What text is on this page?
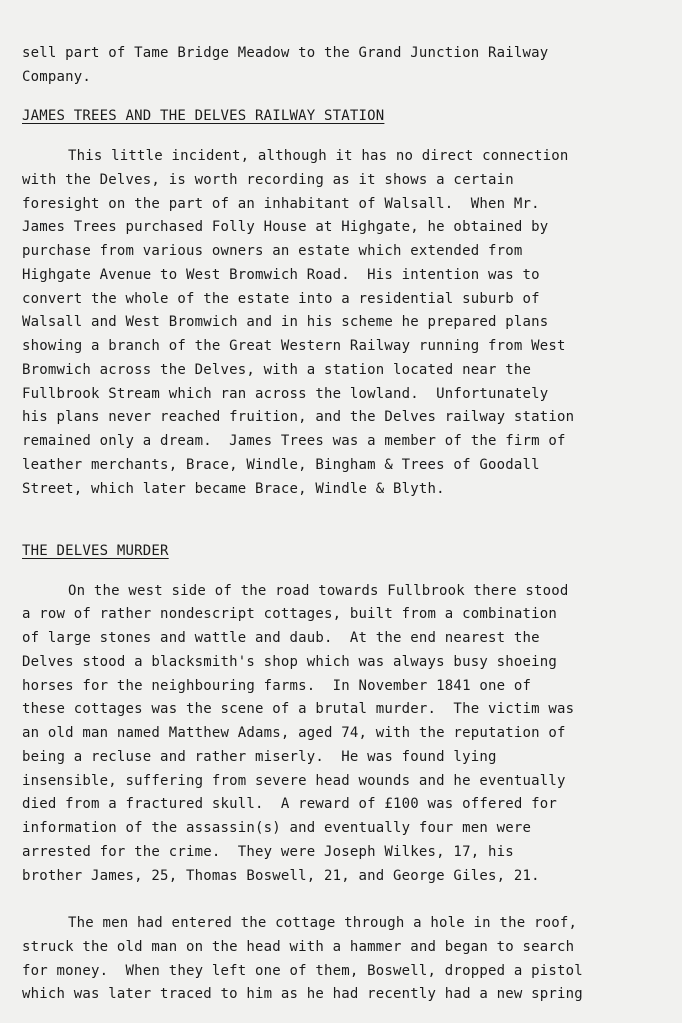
sell part of Tame Bridge Meadow to the Grand Junction Railway
Company.
JAMES TREES AND THE DELVES RAILWAY STATION
This little incident, although it has no direct connection
with the Delves, is worth recording as it shows a certain
foresight on the part of an inhabitant of Walsall.  When Mr.
James Trees purchased Folly House at Highgate, he obtained by
purchase from various owners an estate which extended from
Highgate Avenue to West Bromwich Road.  His intention was to
convert the whole of the estate into a residential suburb of
Walsall and West Bromwich and in his scheme he prepared plans
showing a branch of the Great Western Railway running from West
Bromwich across the Delves, with a station located near the
Fullbrook Stream which ran across the lowland.  Unfortunately
his plans never reached fruition, and the Delves railway station
remained only a dream.  James Trees was a member of the firm of
leather merchants, Brace, Windle, Bingham & Trees of Goodall
Street, which later became Brace, Windle & Blyth.
THE DELVES MURDER
On the west side of the road towards Fullbrook there stood
a row of rather nondescript cottages, built from a combination
of large stones and wattle and daub.  At the end nearest the
Delves stood a blacksmith's shop which was always busy shoeing
horses for the neighbouring farms.  In November 1841 one of
these cottages was the scene of a brutal murder.  The victim was
an old man named Matthew Adams, aged 74, with the reputation of
being a recluse and rather miserly.  He was found lying
insensible, suffering from severe head wounds and he eventually
died from a fractured skull.  A reward of £100 was offered for
information of the assassin(s) and eventually four men were
arrested for the crime.  They were Joseph Wilkes, 17, his
brother James, 25, Thomas Boswell, 21, and George Giles, 21.
The men had entered the cottage through a hole in the roof,
struck the old man on the head with a hammer and began to search
for money.  When they left one of them, Boswell, dropped a pistol
which was later traced to him as he had recently had a new spring
